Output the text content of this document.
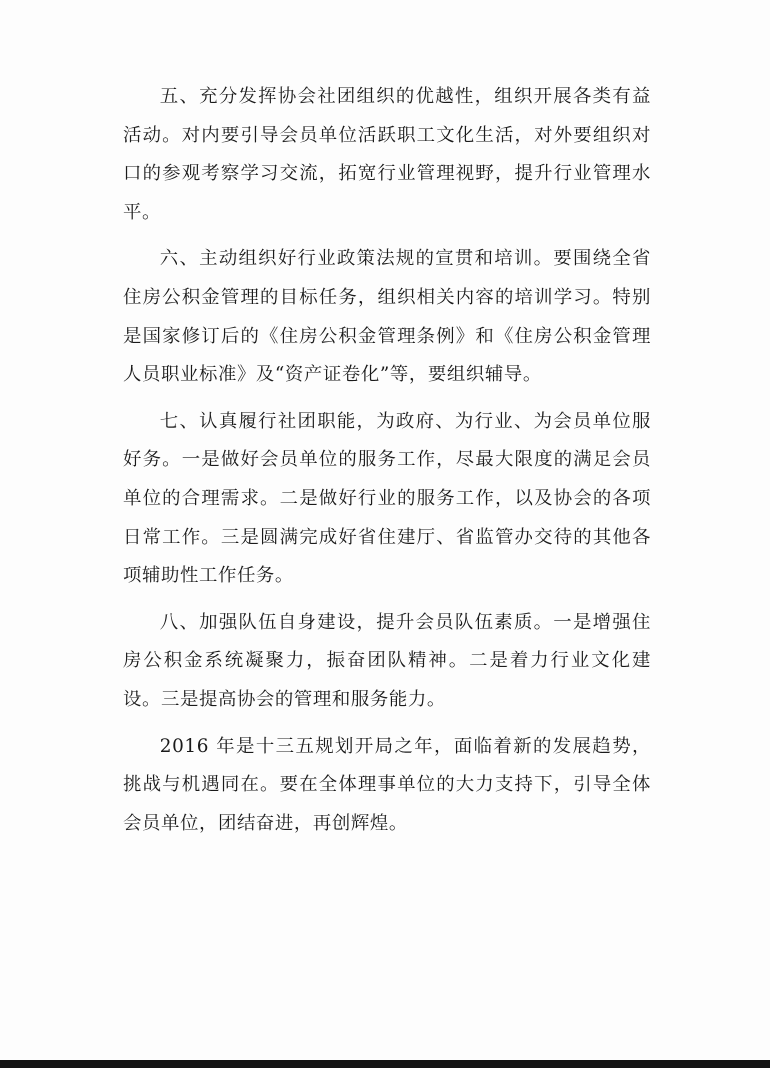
五、充分发挥协会社团组织的优越性，组织开展各类有益活动。对内要引导会员单位活跃职工文化生活，对外要组织对口的参观考察学习交流，拓宽行业管理视野，提升行业管理水平。

六、主动组织好行业政策法规的宣贯和培训。要围绕全省住房公积金管理的目标任务，组织相关内容的培训学习。特别是国家修订后的《住房公积金管理条例》和《住房公积金管理人员职业标准》及“资产证卷化”等，要组织辅导。

七、认真履行社团职能，为政府、为行业、为会员单位服好务。一是做好会员单位的服务工作，尽最大限度的满足会员单位的合理需求。二是做好行业的服务工作，以及协会的各项日常工作。三是圆满完成好省住建厅、省监管办交待的其他各项辅助性工作任务。

八、加强队伍自身建设，提升会员队伍素质。一是增强住房公积金系统凝聚力，振奋团队精神。二是着力行业文化建设。三是提高协会的管理和服务能力。

2016 年是十三五规划开局之年，面临着新的发展趋势，挑战与机遇同在。要在全体理事单位的大力支持下，引导全体会员单位，团结奋进，再创辉煌。
